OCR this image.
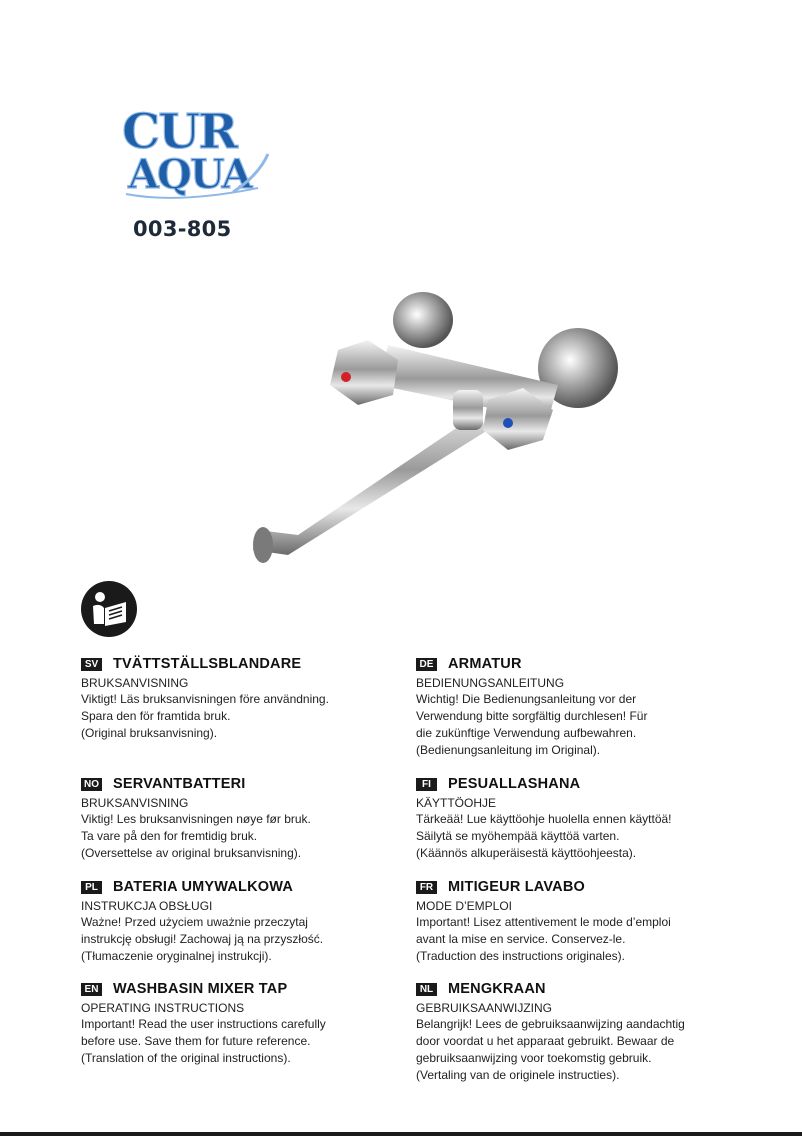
CUR
AQUA
003-805
SV TVÄTTSTÄLLSBLANDARE
BRUKSANVISNING
Viktigt! Läs bruksanvisningen före användning.
Spara den för framtida bruk.
(Original bruksanvisning).
DE ARMATUR
BEDIENUNGSANLEITUNG
Wichtig! Die Bedienungsanleitung vor der
Verwendung bitte sorgfältig durchlesen! Für
die zukünftige Verwendung aufbewahren.
(Bedienungsanleitung im Original).
NO SERVANTBATTERI
BRUKSANVISNING
Viktig! Les bruksanvisningen nøye før bruk.
Ta vare på den for fremtidig bruk.
(Oversettelse av original bruksanvisning).
FI	PESUALLASHANA
KÄYTTÖOHJE
Tärkeää! Lue käyttöohje huolella ennen käyttöä!
Säilytä se myöhempää käyttöä varten.
(Käännös alkuperäisestä käyttöohjeesta).
PL BATERIA UMYWALKOWA
INSTRUKCJA OBSŁUGI
Ważne! Przed użyciem uważnie przeczytaj
instrukcję obsługi! Zachowaj ją na przyszłość.
(Tłumaczenie oryginalnej instrukcji).
FR MITIGEUR LAVABO
MODE D’EMPLOI
Important! Lisez attentivement le mode d’emploi
avant la mise en service. Conservez-le.
(Traduction des instructions originales).
EN WASHBASIN MIXER TAP
OPERATING INSTRUCTIONS
Important! Read the user instructions carefully
before use. Save them for future reference.
(Translation of the original instructions).
NL MENGKRAAN
GEBRUIKSAANWIJZING
Belangrijk! Lees de gebruiksaanwijzing aandachtig
door voordat u het apparaat gebruikt. Bewaar de
gebruiksaanwijzing voor toekomstig gebruik.
(Vertaling van de originele instructies).
